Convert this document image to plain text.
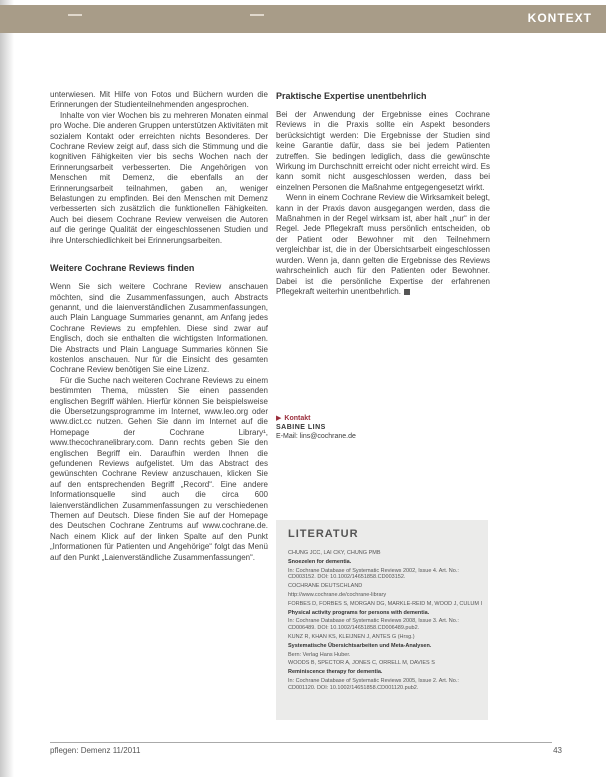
KONTEXT

unterwiesen. Mit Hilfe von Fotos und Büchern wurden die Erinnerungen der Studienteilnehmenden angesprochen.

Inhalte von vier Wochen bis zu mehreren Monaten einmal pro Woche. Die anderen Gruppen unterstützen Aktivitäten mit sozialem Kontakt oder erreichten nichts Besonderes. Der Cochrane Review zeigt auf, dass sich die Stimmung und die kognitiven Fähigkeiten vier bis sechs Wochen nach der Erinnerungsarbeit verbesserten. Die Angehörigen von Menschen mit Demenz, die ebenfalls an der Erinnerungsarbeit teilnahmen, gaben an, weniger Belastungen zu empfinden. Bei den Menschen mit Demenz verbesserten sich zusätzlich die funktionellen Fähigkeiten. Auch bei diesem Cochrane Review verweisen die Autoren auf die geringe Qualität der eingeschlossenen Studien und ihre Unterschiedlichkeit bei Erinnerungsarbeiten.

Weitere Cochrane Reviews finden

Wenn Sie sich weitere Cochrane Review anschauen möchten, sind die Zusammenfassungen, auch Abstracts genannt, und die laienverständlichen Zusammenfassungen, auch Plain Language Summaries genannt, am Anfang jedes Cochrane Reviews zu empfehlen. Diese sind zwar auf Englisch, doch sie enthalten die wichtigsten Informationen. Die Abstracts und Plain Language Summaries können Sie kostenlos anschauen. Nur für die Einsicht des gesamten Cochrane Review benötigen Sie eine Lizenz.

Für die Suche nach weiteren Cochrane Reviews zu einem bestimmten Thema, müssten Sie einen passenden englischen Begriff wählen. Hierfür können Sie beispielsweise die Übersetzungsprogramme im Internet, www.leo.org oder www.dict.cc nutzen. Gehen Sie dann im Internet auf die Homepage der Cochrane Library¹, www.thecochranelibrary.com. Dann rechts geben Sie den englischen Begriff ein. Daraufhin werden Ihnen die gefundenen Reviews aufgelistet. Um das Abstract des gewünschten Cochrane Review anzuschauen, klicken Sie auf den entsprechenden Begriff „Record“. Eine andere Informationsquelle sind auch die circa 600 laienverständlichen Zusammenfassungen zu verschiedenen Themen auf Deutsch. Diese finden Sie auf der Homepage des Deutschen Cochrane Zentrums auf www.cochrane.de. Nach einem Klick auf der linken Spalte auf den Punkt „Informationen für Patienten und Angehörige“ folgt das Menü auf den Punkt „Laienverständliche Zusammenfassungen“.

Praktische Expertise unentbehrlich

Bei der Anwendung der Ergebnisse eines Cochrane Reviews in die Praxis sollte ein Aspekt besonders berücksichtigt werden: Die Ergebnisse der Studien sind keine Garantie dafür, dass sie bei jedem Patienten zutreffen. Sie bedingen lediglich, dass die gewünschte Wirkung im Durchschnitt erreicht oder nicht erreicht wird. Es kann somit nicht ausgeschlossen werden, dass bei einzelnen Personen die Maßnahme entgegengesetzt wirkt.

Wenn in einem Cochrane Review die Wirksamkeit belegt, kann in der Praxis davon ausgegangen werden, dass die Maßnahmen in der Regel wirksam ist, aber halt „nur“ in der Regel. Jede Pflegekraft muss persönlich entscheiden, ob der Patient oder Bewohner mit den Teilnehmern vergleichbar ist, die in der Übersichtsarbeit eingeschlossen wurden. Wenn ja, dann gelten die Ergebnisse des Reviews wahrscheinlich auch für den Patienten oder Bewohner. Dabei ist die persönliche Expertise der erfahrenen Pflegekraft weiterhin unentbehrlich.

▶ Kontakt
SABINE LINS
E-Mail: lins@cochrane.de
LITERATUR
CHUNG JCC, LAI CKY, CHUNG PMB
Snoezelen for dementia.
In: Cochrane Database of Systematic Reviews 2002, Issue 4. Art. No.: CD003152. DOI: 10.1002/14651858.CD003152.
COCHRANE DEUTSCHLAND
http://www.cochrane.de/cochrane-library
FORBES D, FORBES S, MORGAN DG, MARKLE-REID M, WOOD J, CULUM I
Physical activity programs for persons with dementia.
In: Cochrane Database of Systematic Reviews 2008, Issue 3. Art. No.: CD006489. DOI: 10.1002/14651858.CD006489.pub2.
KUNZ R, KHAN KS, KLEIJNEN J, ANTES G (Hrsg.)
Systematische Übersichtsarbeiten und Meta-Analysen.
Bern: Verlag Hans Huber.
WOODS B, SPECTOR A, JONES C, ORRELL M, DAVIES S
Reminiscence therapy for dementia.
In: Cochrane Database of Systematic Reviews 2005, Issue 2. Art. No.: CD001120. DOI: 10.1002/14651858.CD001120.pub2.
pflegen: Demenz 11/2011	43
